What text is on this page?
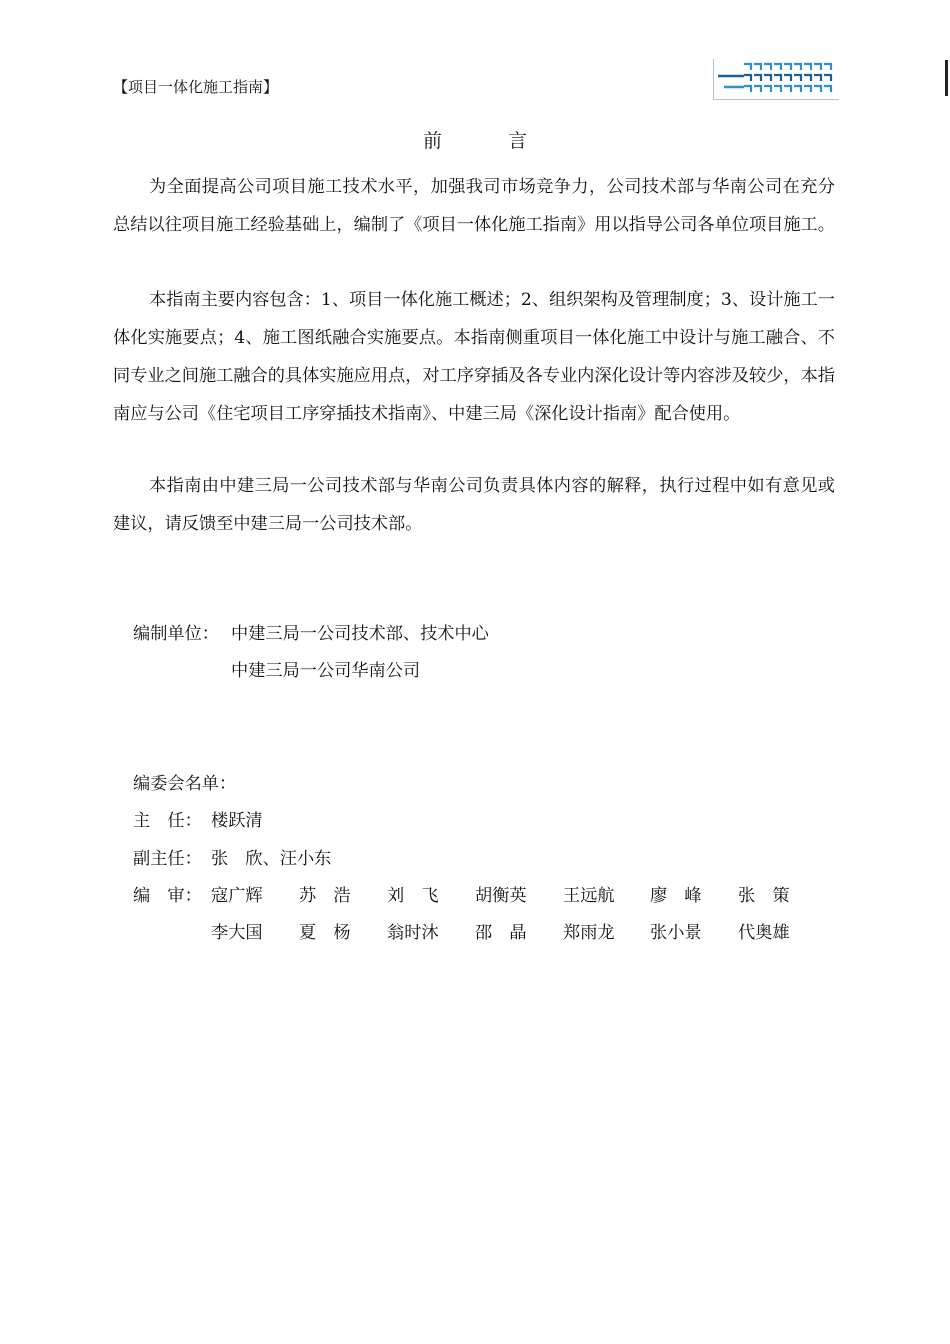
【项目一体化施工指南】
前 言

为全面提高公司项目施工技术水平，加强我司市场竞争力，公司技术部与华南公司在充分总结以往项目施工经验基础上，编制了《项目一体化施工指南》用以指导公司各单位项目施工。

本指南主要内容包含：1、项目一体化施工概述；2、组织架构及管理制度；3、设计施工一体化实施要点；4、施工图纸融合实施要点。本指南侧重项目一体化施工中设计与施工融合、不同专业之间施工融合的具体实施应用点，对工序穿插及各专业内深化设计等内容涉及较少，本指南应与公司《住宅项目工序穿插技术指南》、中建三局《深化设计指南》配合使用。

本指南由中建三局一公司技术部与华南公司负责具体内容的解释，执行过程中如有意见或建议，请反馈至中建三局一公司技术部。

编制单位： 中建三局一公司技术部、技术中心
中建三局一公司华南公司
编委会名单：
主　任： 楼跃清
副主任： 张　欣、汪小东
编　审： 寇广辉 苏　浩 刘　飞 胡衡英 王远航 廖　峰 张　策
李大国 夏　杨 翁时沐 邵　晶 郑雨龙 张小景 代奥雄
